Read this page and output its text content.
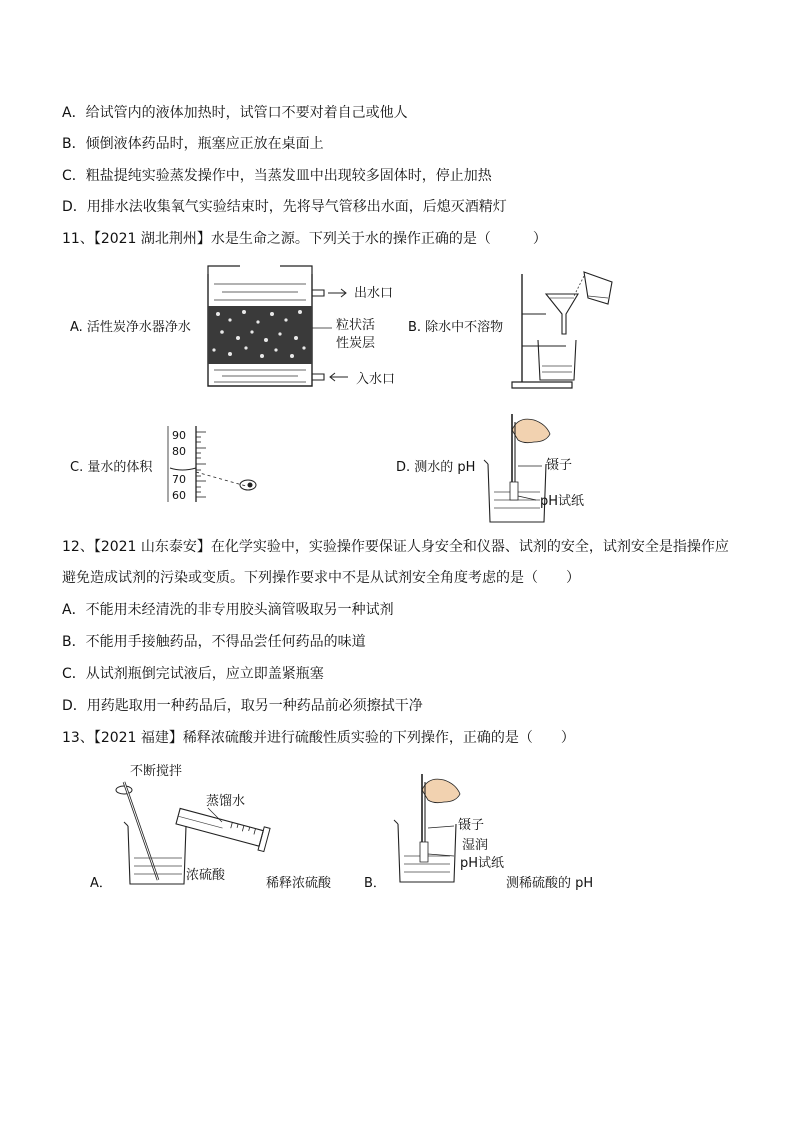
A．给试管内的液体加热时，试管口不要对着自己或他人
B．倾倒液体药品时，瓶塞应正放在桌面上
C．粗盐提纯实验蒸发操作中，当蒸发皿中出现较多固体时，停止加热
D．用排水法收集氧气实验结束时，先将导气管移出水面，后熄灭酒精灯
11、【2021 湖北荆州】水是生命之源。下列关于水的操作正确的是（　　　）
A. 活性炭净水器净水
出水口
粒状活
性炭层
入水口
B. 除水中不溶物
C. 量水的体积
90
80
70
60
D. 测水的 pH	镊子
pH试纸
12、【2021 山东泰安】在化学实验中，实验操作要保证人身安全和仪器、试剂的安全，试剂安全是指操作应
避免造成试剂的污染或变质。下列操作要求中不是从试剂安全角度考虑的是（　　）
A．不能用未经清洗的非专用胶头滴管吸取另一种试剂
B．不能用手接触药品，不得品尝任何药品的味道
C．从试剂瓶倒完试液后，应立即盖紧瓶塞
D．用药匙取用一种药品后，取另一种药品前必须擦拭干净
13、【2021 福建】稀释浓硫酸并进行硫酸性质实验的下列操作，正确的是（　　）
不断搅拌
蒸馏水
A．
浓硫酸
稀释浓硫酸	B．
镊子
湿润
pH试纸
测稀硫酸的 pH
